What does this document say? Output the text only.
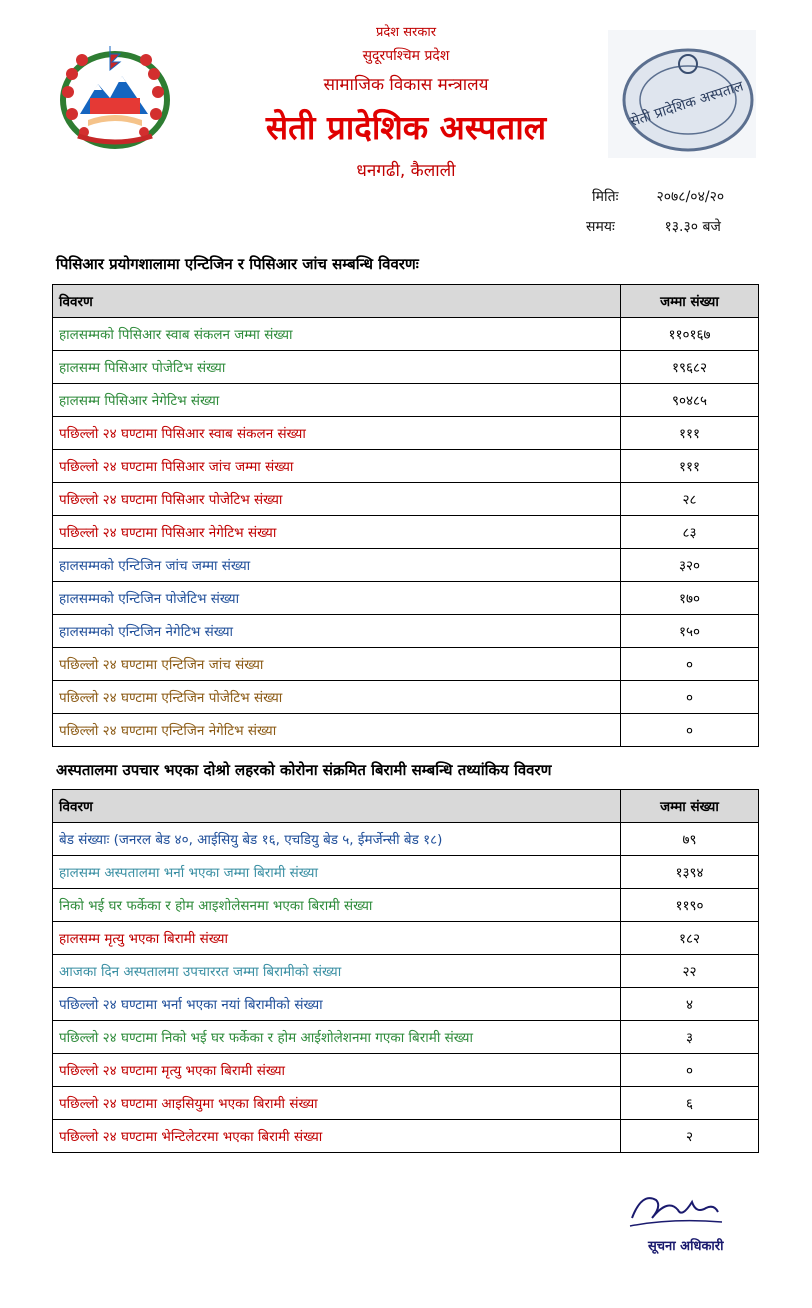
प्रदेश सरकार
सुदूरपश्चिम प्रदेश
सामाजिक विकास मन्त्रालय
सेती प्रादेशिक अस्पताल
धनगढी, कैलाली
सेती प्रादेशिक अस्पताल
मितिः	२०७८/०४/२०
समयः	१३.३० बजे
पिसिआर प्रयोगशालामा एन्टिजिन र पिसिआर जांच सम्बन्धि विवरणः
विवरण	जम्मा संख्या
हालसम्मको पिसिआर स्वाब संकलन जम्मा संख्या	११०१६७
हालसम्म पिसिआर पोजेटिभ संख्या	१९६८२
हालसम्म पिसिआर नेगेटिभ संख्या	९०४८५
पछिल्लो २४ घण्टामा पिसिआर स्वाब संकलन संख्या	१११
पछिल्लो २४ घण्टामा पिसिआर जांच जम्मा संख्या	१११
पछिल्लो २४ घण्टामा पिसिआर पोजेटिभ संख्या	२८
पछिल्लो २४ घण्टामा पिसिआर नेगेटिभ संख्या	८३
हालसम्मको एन्टिजिन जांच जम्मा संख्या	३२०
हालसम्मको एन्टिजिन पोजेटिभ संख्या	१७०
हालसम्मको एन्टिजिन नेगेटिभ संख्या	१५०
पछिल्लो २४ घण्टामा एन्टिजिन जांच संख्या	०
पछिल्लो २४ घण्टामा एन्टिजिन पोजेटिभ संख्या	०
पछिल्लो २४ घण्टामा एन्टिजिन नेगेटिभ संख्या	०
अस्पतालमा उपचार भएका दोश्रो लहरको कोरोना संक्रमित बिरामी सम्बन्धि तथ्यांकिय विवरण
विवरण	जम्मा संख्या
बेड संख्याः (जनरल बेड ४०, आईसियु बेड १६, एचडियु बेड ५, ईमर्जेन्सी बेड १८)	७९
हालसम्म अस्पतालमा भर्ना भएका जम्मा बिरामी संख्या	१३९४
निको भई घर फर्केका र होम आइशोलेसनमा भएका बिरामी संख्या	११९०
हालसम्म मृत्यु भएका बिरामी संख्या	१८२
आजका दिन अस्पतालमा उपचाररत जम्मा बिरामीको संख्या	२२
पछिल्लो २४ घण्टामा भर्ना भएका नयां बिरामीको संख्या	४
पछिल्लो २४ घण्टामा निको भई घर फर्केका र होम आईशोलेशनमा गएका बिरामी संख्या	३
पछिल्लो २४ घण्टामा मृत्यु भएका बिरामी संख्या	०
पछिल्लो २४ घण्टामा आइसियुमा भएका बिरामी संख्या	६
पछिल्लो २४ घण्टामा भेन्टिलेटरमा भएका बिरामी संख्या	२
सूचना अधिकारी
